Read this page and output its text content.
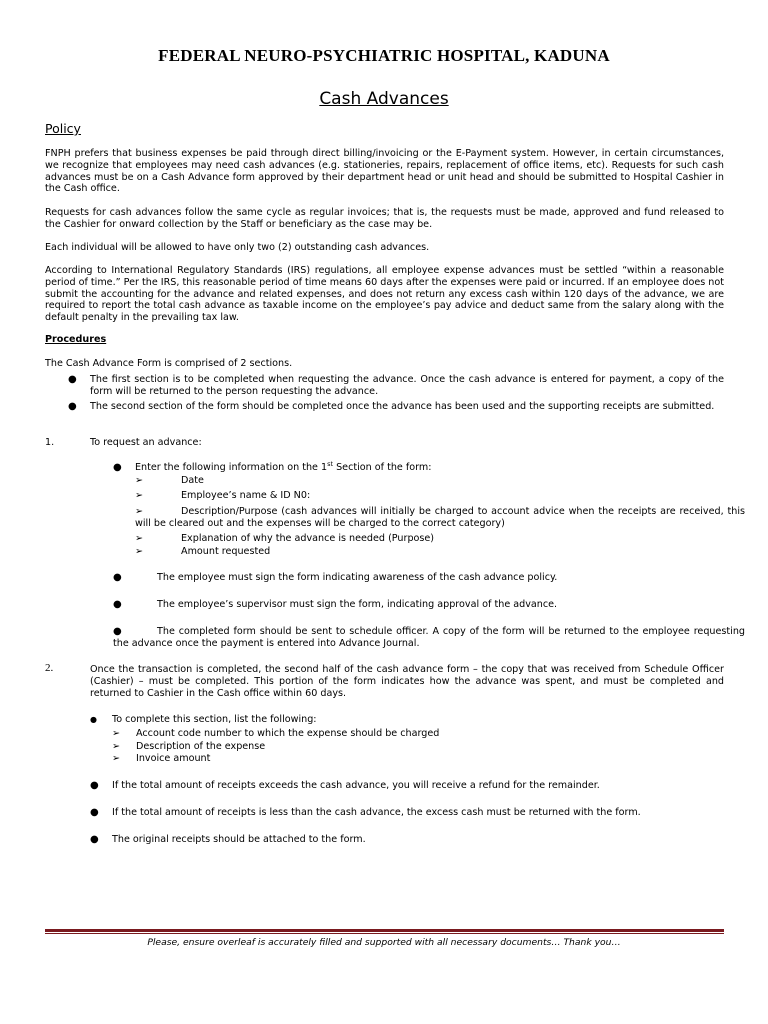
FEDERAL NEURO-PSYCHIATRIC HOSPITAL, KADUNA
Cash Advances
Policy
FNPH prefers that business expenses be paid through direct billing/invoicing or the E-Payment system. However, in certain circumstances, we recognize that employees may need cash advances (e.g. stationeries, repairs, replacement of office items, etc). Requests for such cash advances must be on a Cash Advance form approved by their department head or unit head and should be submitted to Hospital Cashier in the Cash office.
Requests for cash advances follow the same cycle as regular invoices; that is, the requests must be made, approved and fund released to the Cashier for onward collection by the Staff or beneficiary as the case may be.
Each individual will be allowed to have only two (2) outstanding cash advances.
According to International Regulatory Standards (IRS) regulations, all employee expense advances must be settled “within a reasonable period of time.” Per the IRS, this reasonable period of time means 60 days after the expenses were paid or incurred. If an employee does not submit the accounting for the advance and related expenses, and does not return any excess cash within 120 days of the advance, we are required to report the total cash advance as taxable income on the employee’s pay advice and deduct same from the salary along with the default penalty in the prevailing tax law.
Procedures
The Cash Advance Form is comprised of 2 sections.
● The first section is to be completed when requesting the advance. Once the cash advance is entered for payment, a copy of the form will be returned to the person requesting the advance.
● The second section of the form should be completed once the advance has been used and the supporting receipts are submitted.
1.	To request an advance:
● Enter the following information on the 1st Section of the form:
➢	Date
➢	Employee’s name & ID N0:
➢	Description/Purpose (cash advances will initially be charged to account advice when the receipts are received, this will be cleared out and the expenses will be charged to the correct category)
➢	Explanation of why the advance is needed (Purpose)
➢	Amount requested
●	The employee must sign the form indicating awareness of the cash advance policy.
●	The employee’s supervisor must sign the form, indicating approval of the advance.
●	The completed form should be sent to schedule officer. A copy of the form will be returned to the employee requesting the advance once the payment is entered into Advance Journal.
2.	Once the transaction is completed, the second half of the cash advance form – the copy that was received from Schedule Officer (Cashier) – must be completed. This portion of the form indicates how the advance was spent, and must be completed and returned to Cashier in the Cash office within 60 days.
● To complete this section, list the following:
➢ Account code number to which the expense should be charged
➢ Description of the expense
➢ Invoice amount
● If the total amount of receipts exceeds the cash advance, you will receive a refund for the remainder.
● If the total amount of receipts is less than the cash advance, the excess cash must be returned with the form.
● The original receipts should be attached to the form.
Please, ensure overleaf is accurately filled and supported with all necessary documents… Thank you…
